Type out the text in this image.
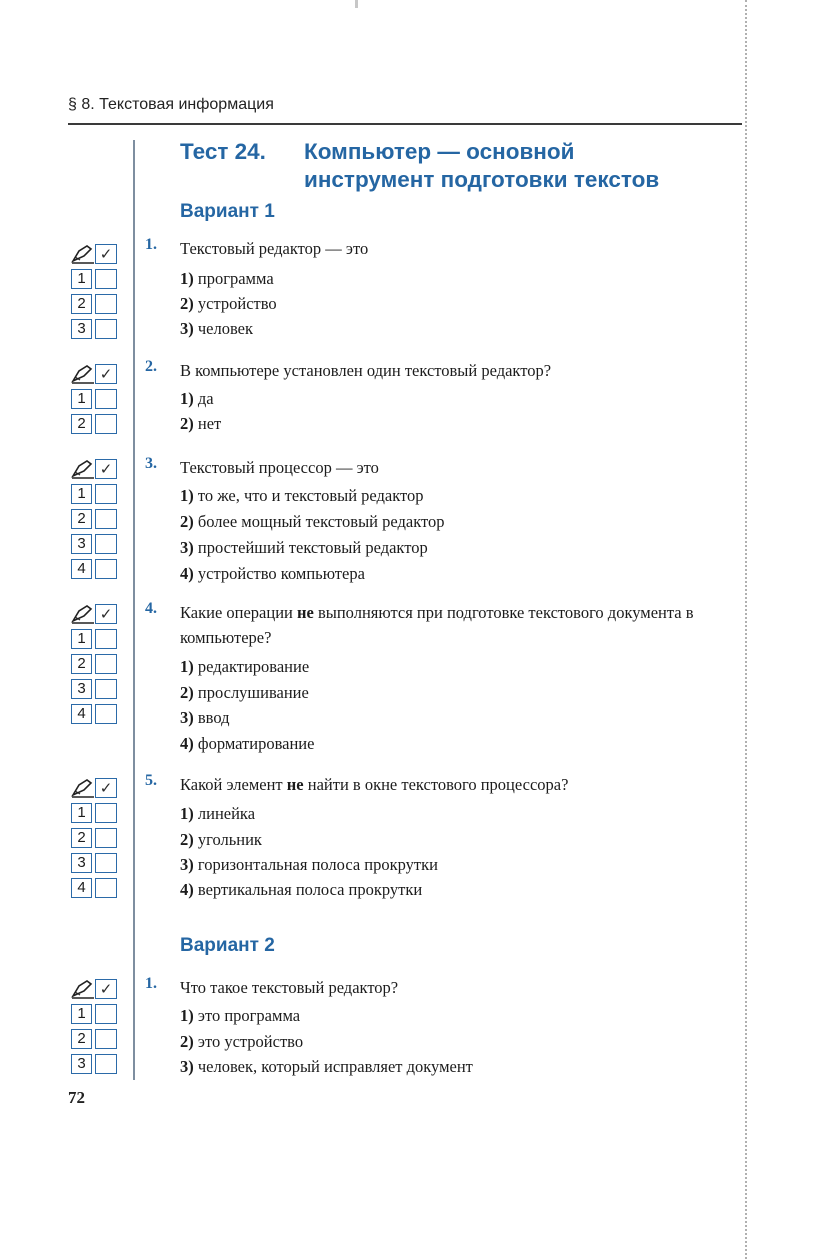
§ 8. Текстовая информация
Тест 24. Компьютер — основной
инструмент подготовки текстов
Вариант 1
1. Текстовый редактор — это
1) программа
2) устройство
3) человек
✓
1
2
3
2. В компьютере установлен один текстовый редактор?
1) да
2) нет
✓
1
2
3. Текстовый процессор — это
1) то же, что и текстовый редактор
2) более мощный текстовый редактор
3) простейший текстовый редактор
4) устройство компьютера
✓
1
2
3
4
4. Какие операции не выполняются при подготовке текстового документа в компьютере?
1) редактирование
2) прослушивание
3) ввод
4) форматирование
✓
1
2
3
4
5. Какой элемент не найти в окне текстового процессора?
1) линейка
2) угольник
3) горизонтальная полоса прокрутки
4) вертикальная полоса прокрутки
✓
1
2
3
4
Вариант 2
1. Что такое текстовый редактор?
1) это программа
2) это устройство
3) человек, который исправляет документ
✓
1
2
3
72
